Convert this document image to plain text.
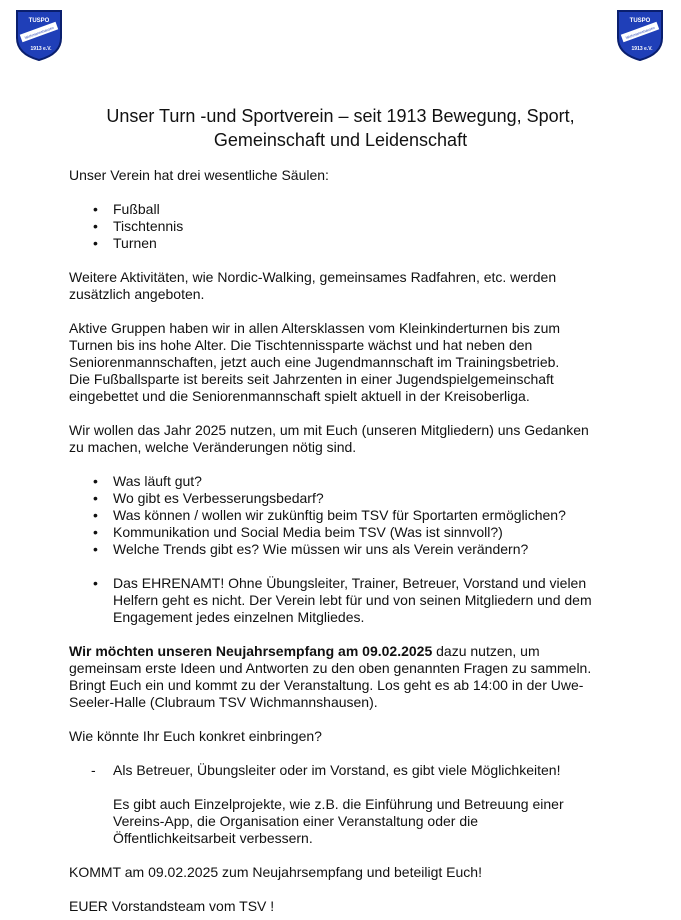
TUSPO
Wichmannshausen
1913 e.V.
TUSPO
Wichmannshausen
1913 e.V.
Unser Turn -und Sportverein – seit 1913 Bewegung, Sport,
Gemeinschaft und Leidenschaft

Unser Verein hat drei wesentliche Säulen:

• Fußball
• Tischtennis
• Turnen

Weitere Aktivitäten, wie Nordic-Walking, gemeinsames Radfahren, etc. werden
zusätzlich angeboten.

Aktive Gruppen haben wir in allen Altersklassen vom Kleinkinderturnen bis zum
Turnen bis ins hohe Alter. Die Tischtennissparte wächst und hat neben den
Seniorenmannschaften, jetzt auch eine Jugendmannschaft im Trainingsbetrieb.
Die Fußballsparte ist bereits seit Jahrzenten in einer Jugendspielgemeinschaft
eingebettet und die Seniorenmannschaft spielt aktuell in der Kreisoberliga.

Wir wollen das Jahr 2025 nutzen, um mit Euch (unseren Mitgliedern) uns Gedanken
zu machen, welche Veränderungen nötig sind.

• Was läuft gut?
• Wo gibt es Verbesserungsbedarf?
• Was können / wollen wir zukünftig beim TSV für Sportarten ermöglichen?
• Kommunikation und Social Media beim TSV (Was ist sinnvoll?)
• Welche Trends gibt es? Wie müssen wir uns als Verein verändern?
• Das EHRENAMT! Ohne Übungsleiter, Trainer, Betreuer, Vorstand und vielen
Helfern geht es nicht. Der Verein lebt für und von seinen Mitgliedern und dem
Engagement jedes einzelnen Mitgliedes.

Wir möchten unseren Neujahrsempfang am 09.02.2025 dazu nutzen, um
gemeinsam erste Ideen und Antworten zu den oben genannten Fragen zu sammeln.
Bringt Euch ein und kommt zu der Veranstaltung. Los geht es ab 14:00 in der Uwe-
Seeler-Halle (Clubraum TSV Wichmannshausen).

Wie könnte Ihr Euch konkret einbringen?

- Als Betreuer, Übungsleiter oder im Vorstand, es gibt viele Möglichkeiten!
Es gibt auch Einzelprojekte, wie z.B. die Einführung und Betreuung einer
Vereins-App, die Organisation einer Veranstaltung oder die
Öffentlichkeitsarbeit verbessern.

KOMMT am 09.02.2025 zum Neujahrsempfang und beteiligt Euch!

EUER Vorstandsteam vom TSV !
